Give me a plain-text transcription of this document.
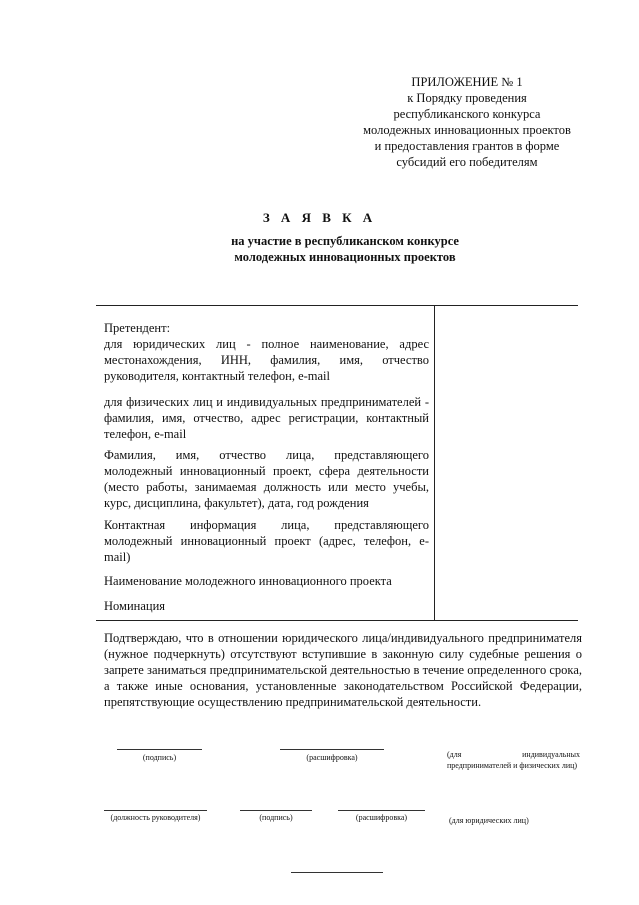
ПРИЛОЖЕНИЕ № 1
к Порядку проведения
республиканского конкурса
молодежных инновационных проектов
и предоставления грантов в форме
субсидий его победителям
З А Я В К А
на участие в республиканском конкурсе
молодежных инновационных проектов
Претендент:
для юридических лиц - полное наименование, адрес местонахождения, ИНН, фамилия, имя, отчество руководителя, контактный телефон, e-mail
для физических лиц и индивидуальных предпринимателей - фамилия, имя, отчество, адрес регистрации, контактный телефон, e-mail
Фамилия, имя, отчество лица, представляющего молодежный инновационный проект, сфера деятельности (место работы, занимаемая должность или место учебы, курс, дисциплина, факультет), дата, год рождения
Контактная информация лица, представляющего молодежный инновационный проект (адрес, телефон, e-mail)
Наименование молодежного инновационного проекта
Номинация
Подтверждаю, что в отношении юридического лица/индивидуального предпринимателя (нужное подчеркнуть) отсутствуют вступившие в законную силу судебные решения о запрете заниматься предпринимательской деятельностью в течение определенного срока, а также иные основания, установленные законодательством Российской Федерации, препятствующие осуществлению предпринимательской деятельности.
(подпись)	(расшифровка)	(для индивидуальных предпринимателей и физических лиц)
(должность руководителя)	(подпись)	(расшифровка)	(для юридических лиц)
